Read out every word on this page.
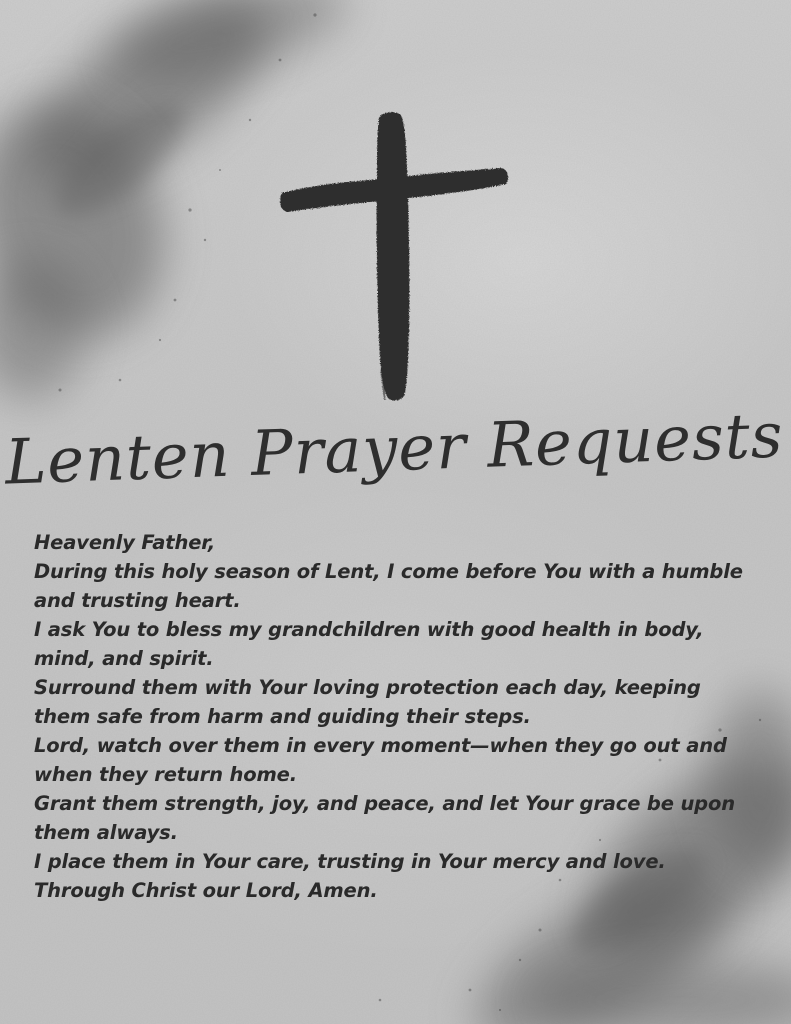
Lenten Prayer Requests
Heavenly Father,
During this holy season of Lent, I come before You with a humble
and trusting heart.
I ask You to bless my grandchildren with good health in body,
mind, and spirit.
Surround them with Your loving protection each day, keeping
them safe from harm and guiding their steps.
Lord, watch over them in every moment—when they go out and
when they return home.
Grant them strength, joy, and peace, and let Your grace be upon
them always.
I place them in Your care, trusting in Your mercy and love.
Through Christ our Lord, Amen.
